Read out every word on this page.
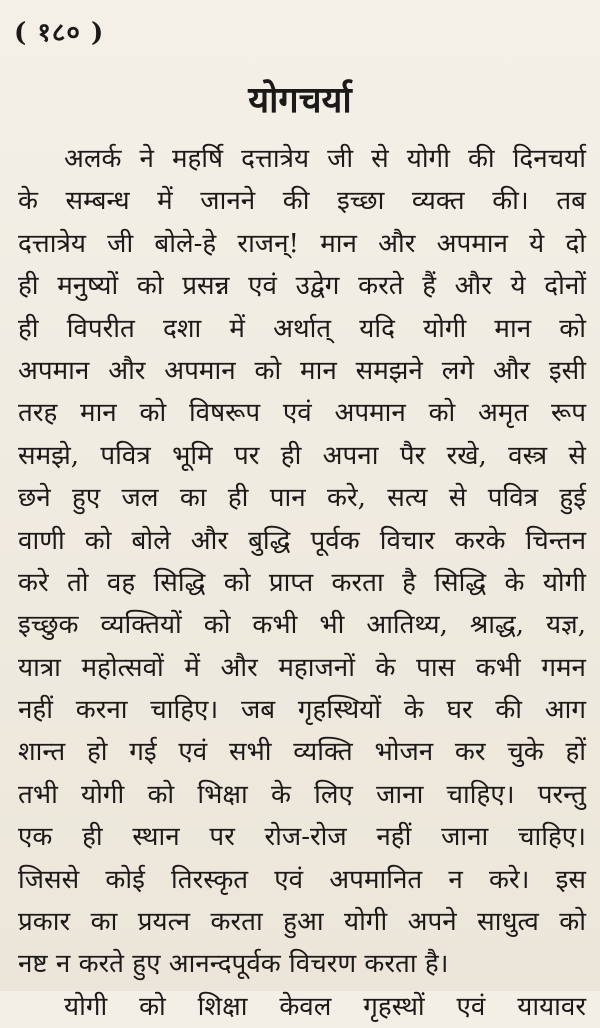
( १८० )
योगचर्या
अलर्क ने महर्षि दत्तात्रेय जी से योगी की दिनचर्या
के सम्बन्ध में जानने की इच्छा व्यक्त की। तब
दत्तात्रेय जी बोले-हे राजन्! मान और अपमान ये दो
ही मनुष्यों को प्रसन्न एवं उद्वेग करते हैं और ये दोनों
ही विपरीत दशा में अर्थात् यदि योगी मान को
अपमान और अपमान को मान समझने लगे और इसी
तरह मान को विषरूप एवं अपमान को अमृत रूप
समझे, पवित्र भूमि पर ही अपना पैर रखे, वस्त्र से
छने हुए जल का ही पान करे, सत्य से पवित्र हुई
वाणी को बोले और बुद्धि पूर्वक विचार करके चिन्तन
करे तो वह सिद्धि को प्राप्त करता है सिद्धि के योगी
इच्छुक व्यक्तियों को कभी भी आतिथ्य, श्राद्ध, यज्ञ,
यात्रा महोत्सवों में और महाजनों के पास कभी गमन
नहीं करना चाहिए। जब गृहस्थियों के घर की आग
शान्त हो गई एवं सभी व्यक्ति भोजन कर चुके हों
तभी योगी को भिक्षा के लिए जाना चाहिए। परन्तु
एक ही स्थान पर रोज-रोज नहीं जाना चाहिए।
जिससे कोई तिरस्कृत एवं अपमानित न करे। इस
प्रकार का प्रयत्न करता हुआ योगी अपने साधुत्व को
नष्ट न करते हुए आनन्दपूर्वक विचरण करता है।
योगी को शिक्षा केवल गृहस्थों एवं यायावर
